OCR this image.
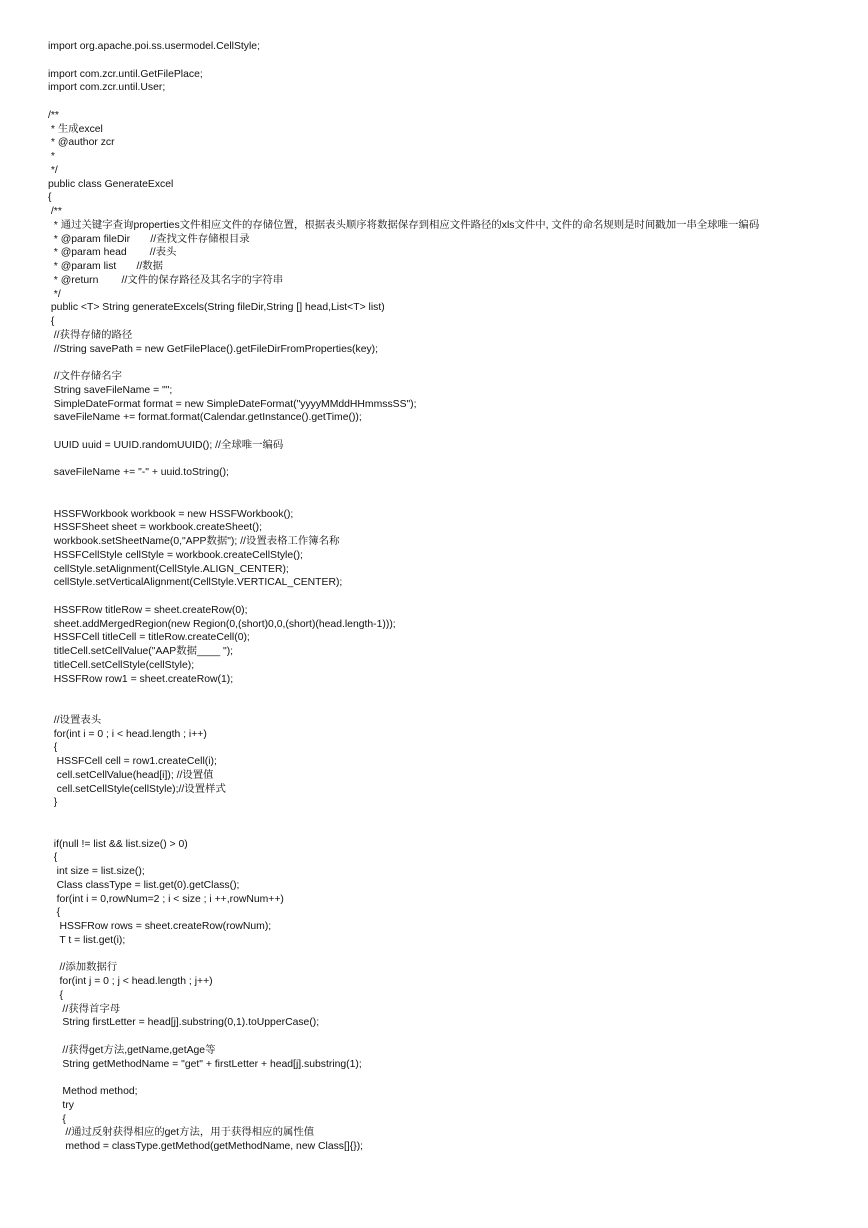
import org.apache.poi.ss.usermodel.CellStyle;
import com.zcr.until.GetFilePlace;
import com.zcr.until.User;
/**
* 生成excel
* @author zcr
*
*/
public class GenerateExcel
{
/**
* 通过关键字查询properties文件相应文件的存储位置，根据表头顺序将数据保存到相应文件路径的xls文件中, 文件的命名规则是时间戳加一串全球唯一编码
* @param fileDir       //查找文件存储根目录
* @param head        //表头
* @param list       //数据
* @return        //文件的保存路径及其名字的字符串
*/
public <T> String generateExcels(String fileDir,String [] head,List<T> list)
{
//获得存储的路径
//String savePath = new GetFilePlace().getFileDirFromProperties(key);
//文件存储名字
String saveFileName = "";
SimpleDateFormat format = new SimpleDateFormat("yyyyMMddHHmmssSS");
saveFileName += format.format(Calendar.getInstance().getTime());
UUID uuid = UUID.randomUUID(); //全球唯一编码
saveFileName += "-" + uuid.toString();
HSSFWorkbook workbook = new HSSFWorkbook();
HSSFSheet sheet = workbook.createSheet();
workbook.setSheetName(0,"APP数据"); //设置表格工作簿名称
HSSFCellStyle cellStyle = workbook.createCellStyle();
cellStyle.setAlignment(CellStyle.ALIGN_CENTER);
cellStyle.setVerticalAlignment(CellStyle.VERTICAL_CENTER);
HSSFRow titleRow = sheet.createRow(0);
sheet.addMergedRegion(new Region(0,(short)0,0,(short)(head.length-1)));
HSSFCell titleCell = titleRow.createCell(0);
titleCell.setCellValue("AAP数据____ ");
titleCell.setCellStyle(cellStyle);
HSSFRow row1 = sheet.createRow(1);
//设置表头
for(int i = 0 ; i < head.length ; i++)
{
HSSFCell cell = row1.createCell(i);
cell.setCellValue(head[i]); //设置值
cell.setCellStyle(cellStyle);//设置样式
}
if(null != list && list.size() > 0)
{
int size = list.size();
Class classType = list.get(0).getClass();
for(int i = 0,rowNum=2 ; i < size ; i ++,rowNum++)
{
HSSFRow rows = sheet.createRow(rowNum);
T t = list.get(i);
//添加数据行
for(int j = 0 ; j < head.length ; j++)
{
//获得首字母
String firstLetter = head[j].substring(0,1).toUpperCase();
//获得get方法,getName,getAge等
String getMethodName = "get" + firstLetter + head[j].substring(1);
Method method;
try
{
//通过反射获得相应的get方法，用于获得相应的属性值
method = classType.getMethod(getMethodName, new Class[]{});
